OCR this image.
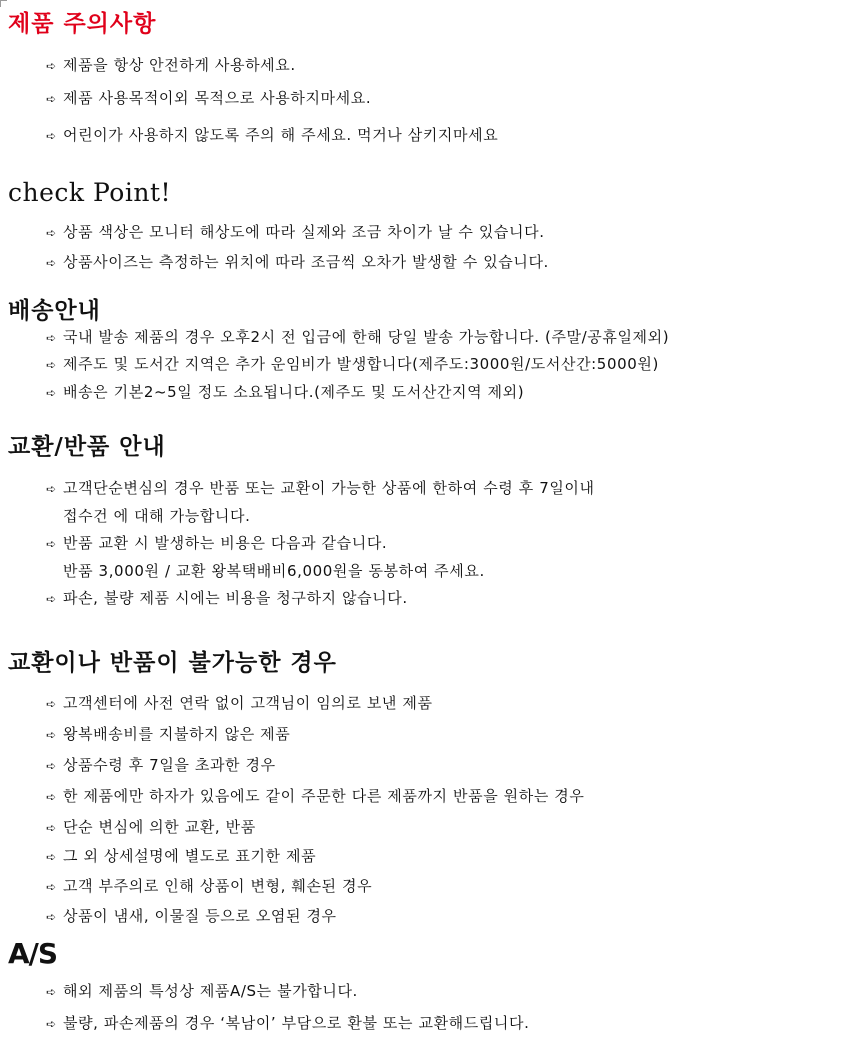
제품 주의사항
➪ 제품을 항상 안전하게 사용하세요.
➪ 제품 사용목적이외 목적으로 사용하지마세요.
➪ 어린이가 사용하지 않도록 주의 해 주세요. 먹거나 삼키지마세요
check Point!
➪ 상품 색상은 모니터 해상도에 따라 실제와 조금 차이가 날 수 있습니다.
➪ 상품사이즈는 측정하는 위치에 따라 조금씩 오차가 발생할 수 있습니다.
배송안내
➪ 국내 발송 제품의 경우 오후2시 전 입금에 한해 당일 발송 가능합니다. (주말/공휴일제외)
➪ 제주도 및 도서간 지역은 추가 운임비가 발생합니다(제주도:3000원/도서산간:5000원)
➪ 배송은 기본2~5일 정도 소요됩니다.(제주도 및 도서산간지역 제외)
교환/반품 안내
➪ 고객단순변심의 경우 반품 또는 교환이 가능한 상품에 한하여 수령 후 7일이내
접수건 에 대해 가능합니다.
➪ 반품 교환 시 발생하는 비용은 다음과 같습니다.
반품 3,000원 / 교환 왕복택배비6,000원을 동봉하여 주세요.
➪ 파손, 불량 제품 시에는 비용을 청구하지 않습니다.
교환이나 반품이 불가능한 경우
➪ 고객센터에 사전 연락 없이 고객님이 임의로 보낸 제품
➪ 왕복배송비를 지불하지 않은 제품
➪ 상품수령 후 7일을 초과한 경우
➪ 한 제품에만 하자가 있음에도 같이 주문한 다른 제품까지 반품을 원하는 경우
➪ 단순 변심에 의한 교환, 반품
➪ 그 외 상세설명에 별도로 표기한 제품
➪ 고객 부주의로 인해 상품이 변형, 훼손된 경우
➪ 상품이 냄새, 이물질 등으로 오염된 경우
A/S
➪ 해외 제품의 특성상 제품A/S는 불가합니다.
➪ 불량, 파손제품의 경우 ‘복남이’ 부담으로 환불 또는 교환해드립니다.
